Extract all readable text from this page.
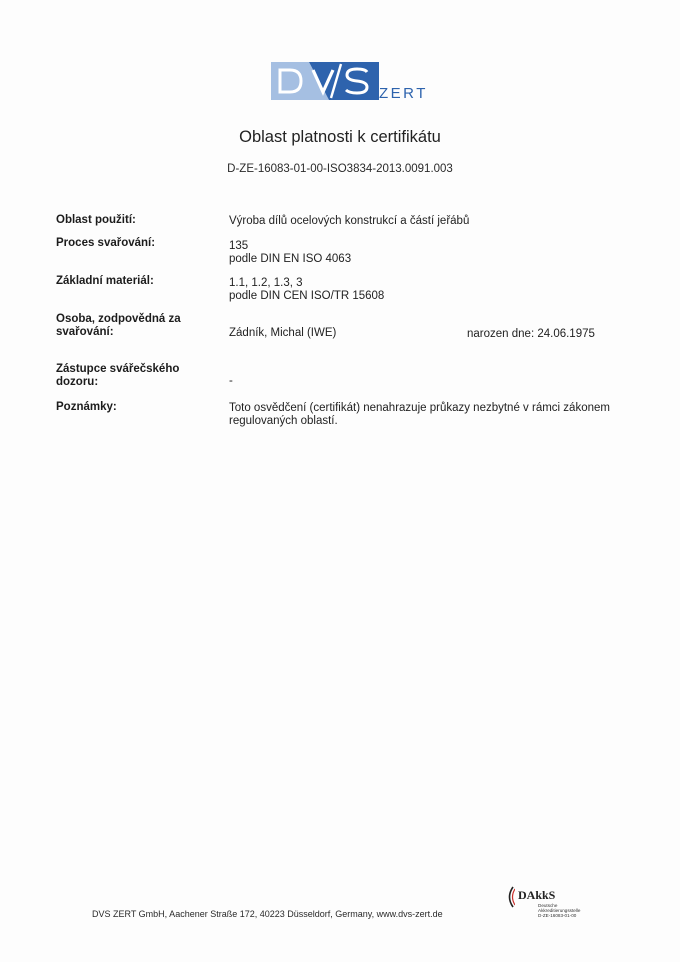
ZERT
Oblast platnosti k certifikátu
D-ZE-16083-01-00-ISO3834-2013.0091.003
Oblast použití:	Výroba dílů ocelových konstrukcí a částí jeřábů
Proces svařování:	135
podle DIN EN ISO 4063
Základní materiál:	1.1, 1.2, 1.3, 3
podle DIN CEN ISO/TR 15608
Osoba, zodpovědná za
svařování:	Zádník, Michal (IWE)	narozen dne: 24.06.1975
Zástupce svářečského
dozoru:	-
Poznámky:	Toto osvědčení (certifikát) nenahrazuje průkazy nezbytné v rámci zákonem
regulovaných oblastí.
DVS ZERT GmbH, Aachener Straße 172, 40223 Düsseldorf, Germany, www.dvs-zert.de
DAkkS
Deutsche
Akkreditierungsstelle
D-ZE-16083-01-00
